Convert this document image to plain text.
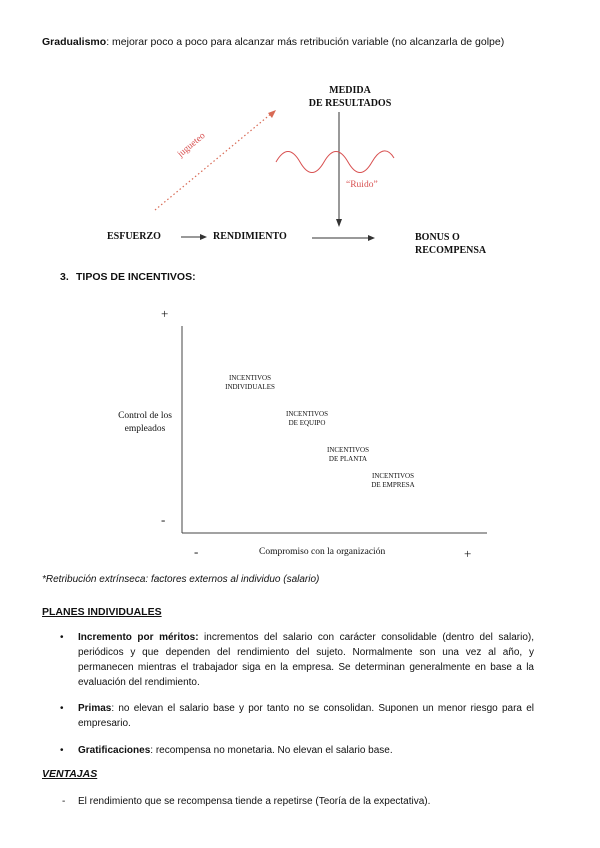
Gradualismo: mejorar poco a poco para alcanzar más retribución variable (no alcanzarla de golpe)
MEDIDA
DE RESULTADOS
jugueteo
“Ruido”
ESFUERZO	RENDIMIENTO	BONUS O
RECOMPENSA
3. TIPOS DE INCENTIVOS:
+
-
Control de los
empleados
INCENTIVOS
INDIVIDUALES
INCENTIVOS
DE EQUIPO
INCENTIVOS
DE PLANTA
INCENTIVOS
DE EMPRESA
-	Compromiso con la organización	+
*Retribución extrínseca: factores externos al individuo (salario)
PLANES INDIVIDUALES
• Incremento por méritos: incrementos del salario con carácter consolidable (dentro del salario), periódicos y que dependen del rendimiento del sujeto. Normalmente son una vez al año, y permanecen mientras el trabajador siga en la empresa. Se determinan generalmente en base a la evaluación del rendimiento.
• Primas: no elevan el salario base y por tanto no se consolidan. Suponen un menor riesgo para el empresario.
• Gratificaciones: recompensa no monetaria. No elevan el salario base.
VENTAJAS
- El rendimiento que se recompensa tiende a repetirse (Teoría de la expectativa).
